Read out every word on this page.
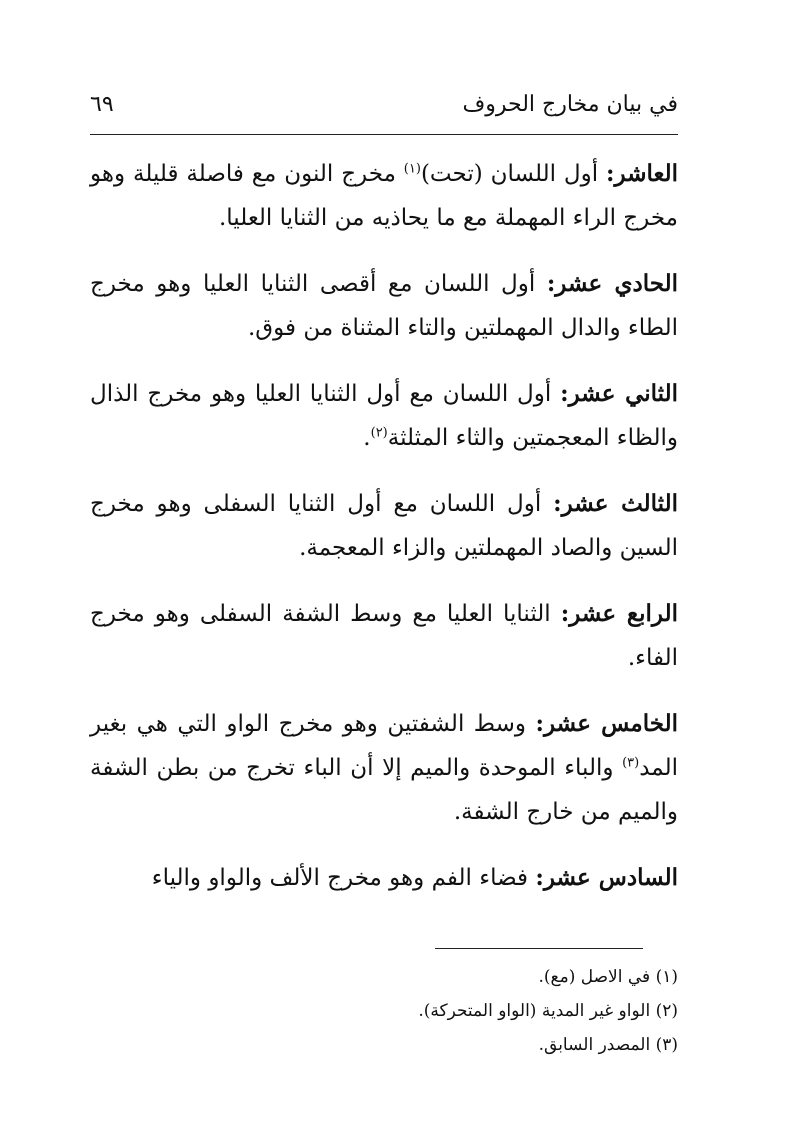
في بيان مخارج الحروف
٦٩

العاشر: أول اللسان (تحت)$^{(١)}$ مخرج النون مع فاصلة قليلة وهو مخرج الراء المهملة مع ما يحاذيه من الثنايا العليا.

الحادي عشر: أول اللسان مع أقصى الثنايا العليا وهو مخرج الطاء والدال المهملتين والتاء المثناة من فوق.

الثاني عشر: أول اللسان مع أول الثنايا العليا وهو مخرج الذال والظاء المعجمتين والثاء المثلثة$^{(٢)}$.

الثالث عشر: أول اللسان مع أول الثنايا السفلى وهو مخرج السين والصاد المهملتين والزاء المعجمة.

الرابع عشر: الثنايا العليا مع وسط الشفة السفلى وهو مخرج الفاء.

الخامس عشر: وسط الشفتين وهو مخرج الواو التي هي بغير المد$^{(٣)}$ والباء الموحدة والميم إلا أن الباء تخرج من بطن الشفة والميم من خارج الشفة.

السادس عشر: فضاء الفم وهو مخرج الألف والواو والياء

(١) في الاصل (مع).

(٢) الواو غير المدية (الواو المتحركة).

(٣) المصدر السابق.
